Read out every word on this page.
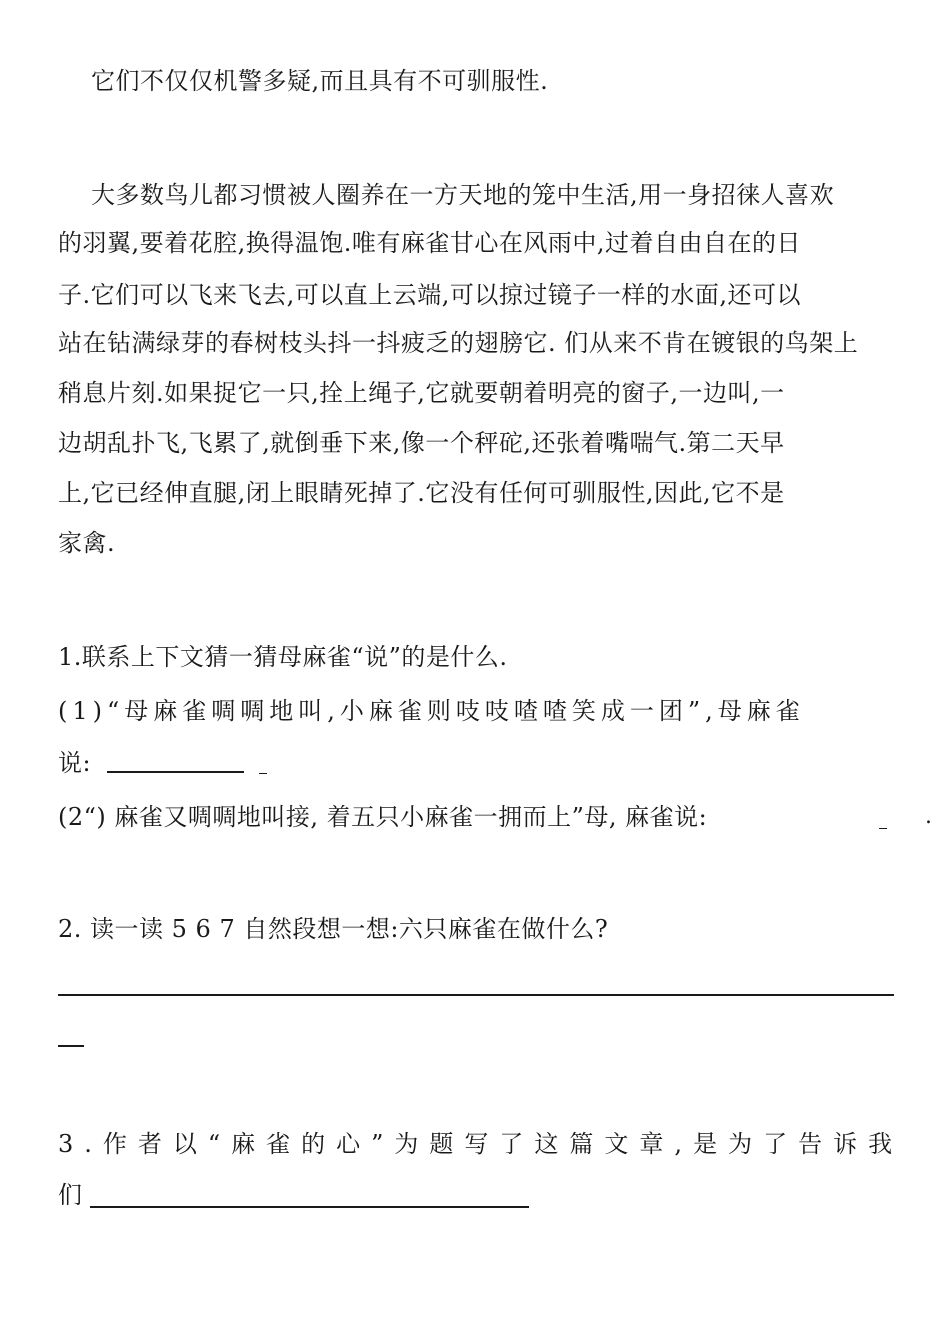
它们不仅仅机警多疑,而且具有不可驯服性.
大多数鸟儿都习惯被人圈养在一方天地的笼中生活,用一身招徕人喜欢
的羽翼,要着花腔,换得温饱.唯有麻雀甘心在风雨中,过着自由自在的日
子.它们可以飞来飞去,可以直上云端,可以掠过镜子一样的水面,还可以
站在钻满绿芽的春树枝头抖一抖疲乏的翅膀它. 们从来不肯在镀银的鸟架上
稍息片刻.如果捉它一只,拴上绳子,它就要朝着明亮的窗子,一边叫,一
边胡乱扑飞,飞累了,就倒垂下来,像一个秤砣,还张着嘴喘气.第二天早
上,它已经伸直腿,闭上眼睛死掉了.它没有任何可驯服性,因此,它不是
家禽.
1.联系上下文猜一猜母麻雀“说”的是什么.
(1)“母麻雀啁啁地叫,小麻雀则吱吱喳喳笑成一团”,母麻雀
说:
(2“) 麻雀又啁啁地叫接, 着五只小麻雀一拥而上”母, 麻雀说:	.
2. 读一读 5 6 7 自然段想一想:六只麻雀在做什么?
3.作者以“麻雀的心”为题写了这篇文章,是为了告诉我
们
